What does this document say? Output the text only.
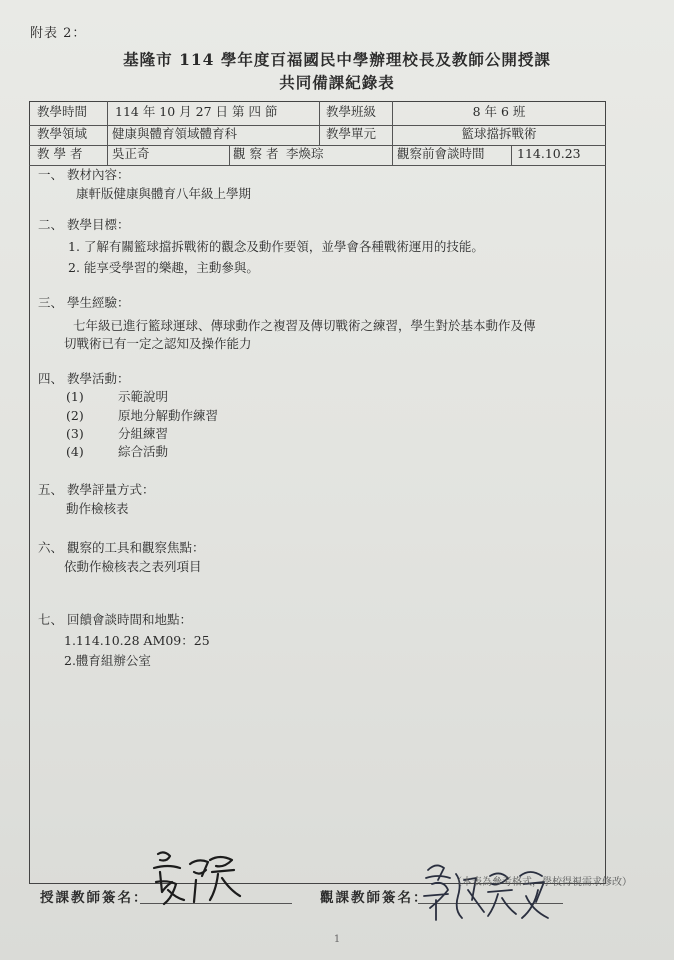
附表 2：
基隆市 114 學年度百福國民中學辦理校長及教師公開授課
共同備課紀錄表
教學時間 114 年 10 月 27 日 第 四 節	教學班級	8 年 6 班
教學領域 健康與體育領域體育科	教學單元	籃球擋拆戰術
教 學 者 吳正奇	觀 察 者 李煥琮	觀察前會談時間	114.10.23
一、 教材內容：
康軒版健康與體育八年級上學期
二、 教學目標：
1. 了解有關籃球擋拆戰術的觀念及動作要領，並學會各種戰術運用的技能。
2. 能享受學習的樂趣，主動參與。
三、 學生經驗：
七年級已進行籃球運球、傳球動作之複習及傳切戰術之練習，學生對於基本動作及傳
切戰術已有一定之認知及操作能力
四、 教學活動：
(1)	示範說明
(2)	原地分解動作練習
(3)	分組練習
(4)	綜合活動
五、 教學評量方式：
動作檢核表
六、 觀察的工具和觀察焦點：
依動作檢核表之表列項目
七、 回饋會談時間和地點：
1.114.10.28 AM09：25
2.體育組辦公室
授課教師簽名：	觀課教師簽名：
（本表為參考格式，學校得視需求修改）
1
